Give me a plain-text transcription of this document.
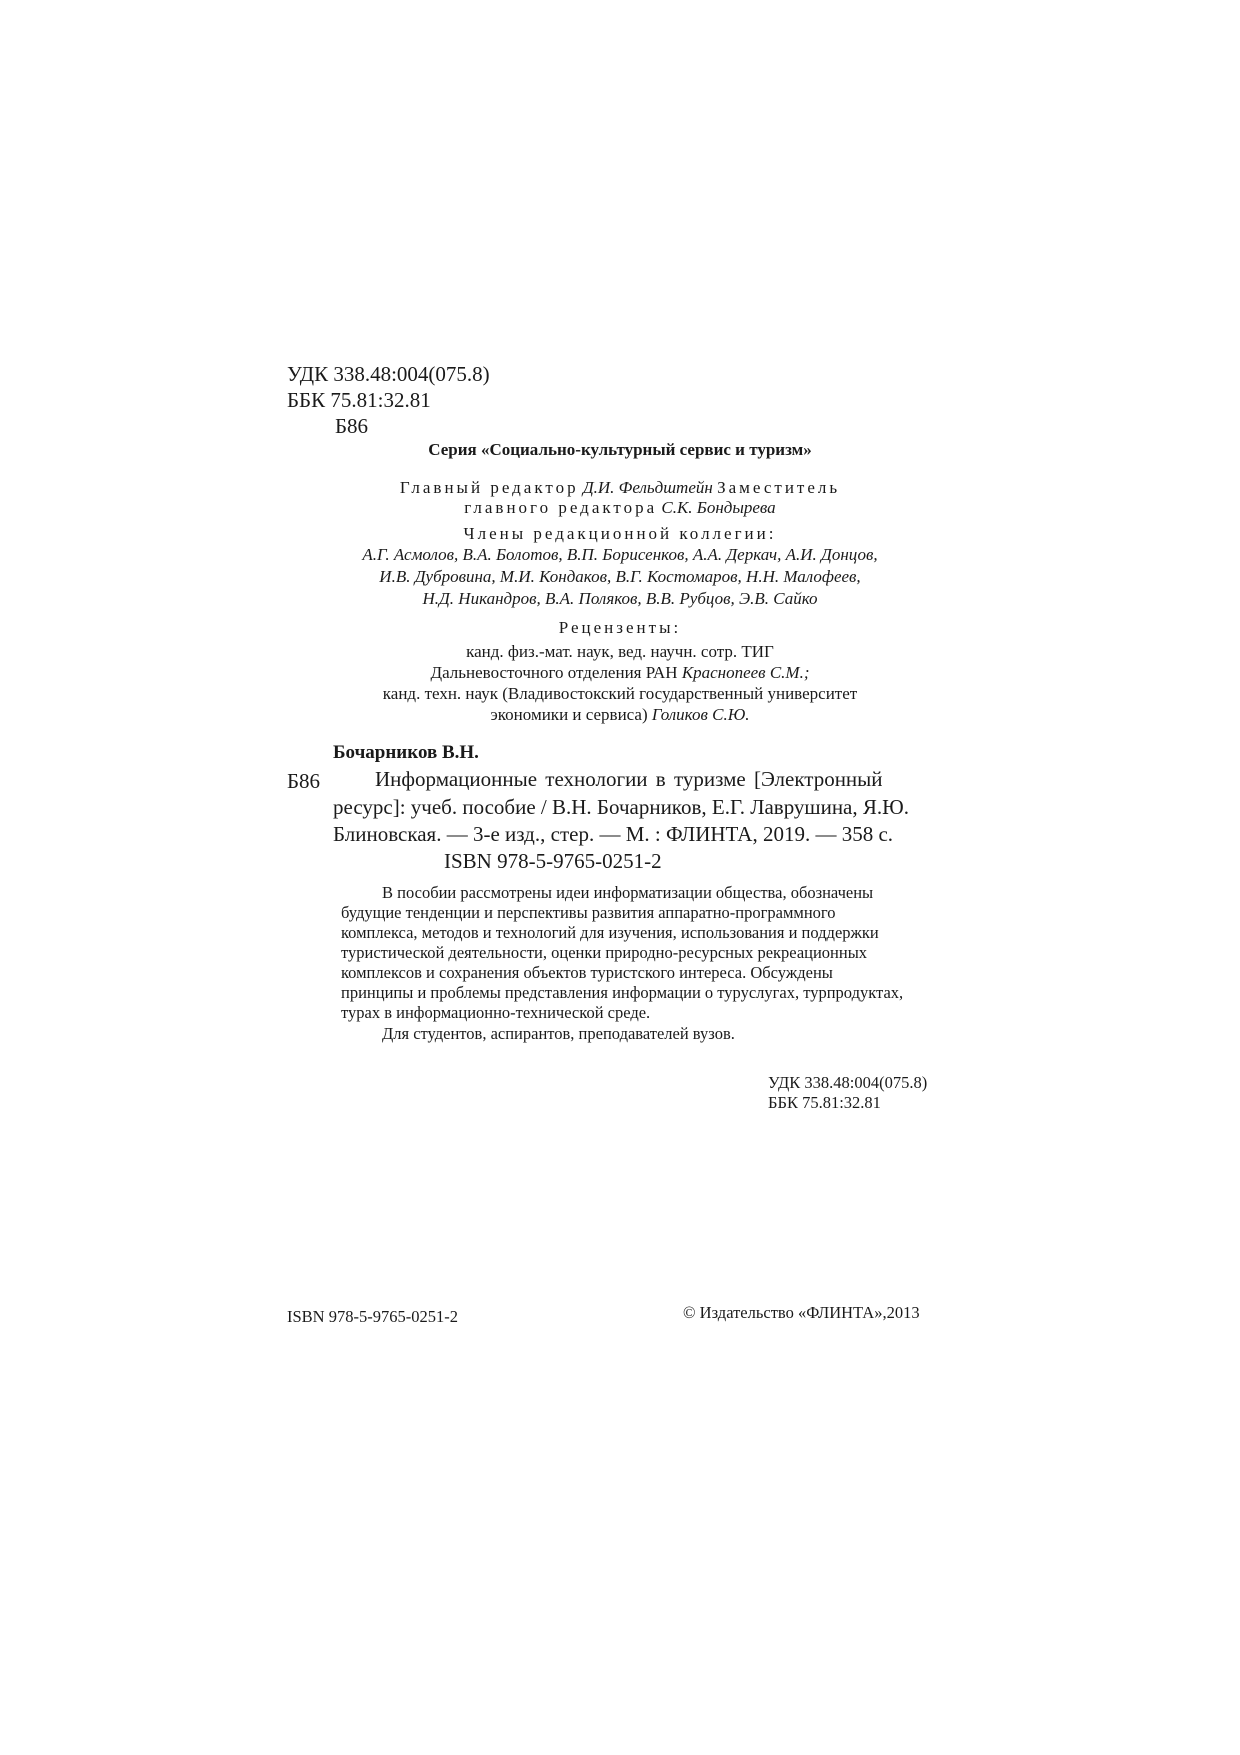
УДК 338.48:004(075.8)
ББК 75.81:32.81
Б86
Серия «Социально-культурный сервис и туризм»
Главный редактор Д.И. Фельдштейн Заместитель
главного редактора С.К. Бондырева
Члены редакционной коллегии:
А.Г. Асмолов, В.А. Болотов, В.П. Борисенков, А.А. Деркач, А.И. Донцов,
И.В. Дубровина, М.И. Кондаков, В.Г. Костомаров, Н.Н. Малофеев,
Н.Д. Никандров, В.А. Поляков, В.В. Рубцов, Э.В. Сайко
Рецензенты:
канд. физ.-мат. наук, вед. научн. сотр. ТИГ
Дальневосточного отделения РАН Краснопеев С.М.;
канд. техн. наук (Владивостокский государственный университет
экономики и сервиса) Голиков С.Ю.
Бочарников В.Н.
Б86	Информационные технологии в туризме [Электронный
ресурс]: учеб. пособие / В.Н. Бочарников, Е.Г. Лаврушина, Я.Ю.
Блиновская. — 3-е изд., стер. — М. : ФЛИНТА, 2019. — 358 с.
ISBN 978-5-9765-0251-2
В пособии рассмотрены идеи информатизации общества, обозначены
будущие тенденции и перспективы развития аппаратно-программного
комплекса, методов и технологий для изучения, использования и поддержки
туристической деятельности, оценки природно-ресурсных рекреационных
комплексов и сохранения объектов туристского интереса. Обсуждены
принципы и проблемы представления информации о туруслугах, турпродуктах,
турах в информационно-технической среде.
Для студентов, аспирантов, преподавателей вузов.
УДК 338.48:004(075.8)
ББК 75.81:32.81
ISBN 978-5-9765-0251-2	© Издательство «ФЛИНТА»,2013
